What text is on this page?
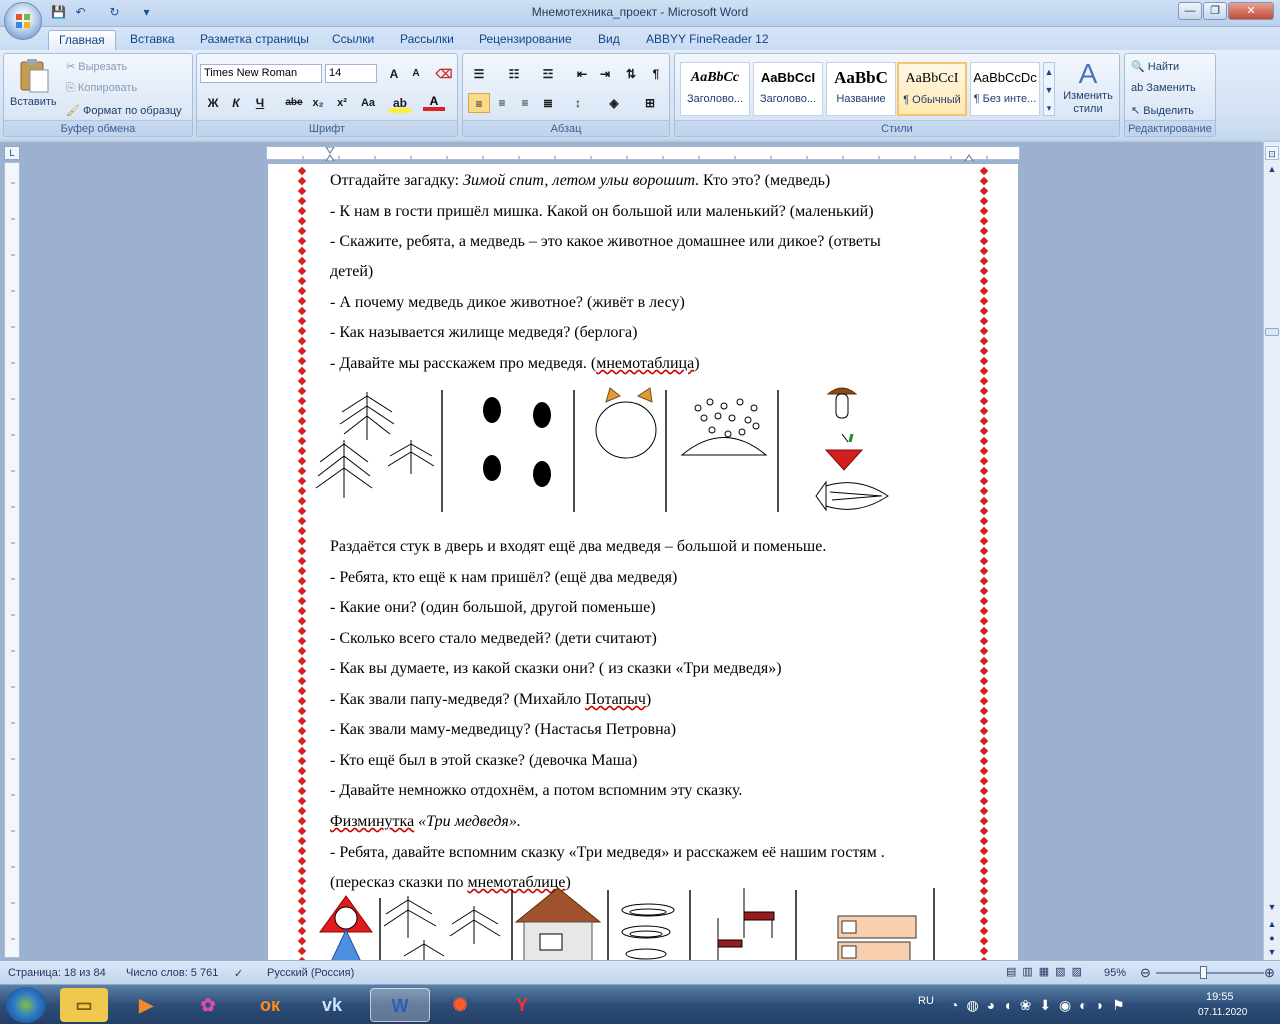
💾 ↶ ↻	▾	Мнемотехника_проект - Microsoft Word	—	❐	✕
Главная	Вставка	Разметка страницы	Ссылки	Рассылки	Рецензирование	Вид	ABBYY FineReader 12
Вставить
✂ Вырезать
⎘ Копировать
🖌 Формат по образцу
Буфер обмена
Times New Roman	14	A	A	⌫
Ж	К	Ч	abe x₂	x²	Aa	ab	A
Шрифт
☰	☷	☲	⇤	⇥	⇅	¶
≡	≡	≡	≣	↕	◈	⊞
Абзац
AaBbCc
Заголово...
AaBbCcI
Заголово...
AaBbC
Название
AaBbCcI
¶ Обычный
AaBbCcDc
¶ Без инте...
▲
▼
▾
A
Изменить стили
Стили
🔍 Найти
ab Заменить
↖ Выделить
Редактирование
L
Отгадайте загадку: Зимой спит, летом ульи ворошит. Кто это? (медведь)
- К нам в гости пришёл мишка. Какой он большой или маленький? (маленький)
- Скажите, ребята, а медведь – это какое животное домашнее или дикое? (ответы
детей)
- А почему медведь дикое животное? (живёт в лесу)
- Как называется жилище медведя? (берлога)
- Давайте мы расскажем про медведя. (мнемотаблица)
Раздаётся стук в дверь и входят ещё два медведя – большой и поменьше.
- Ребята, кто ещё к нам пришёл? (ещё два медведя)
- Какие они? (один большой, другой поменьше)
- Сколько всего стало медведей? (дети считают)
- Как вы думаете, из какой сказки они? ( из сказки «Три медведя»)
- Как звали папу-медведя? (Михайло Потапыч)
- Как звали маму-медведицу? (Настасья Петровна)
- Кто ещё был в этой сказке? (девочка Маша)
- Давайте немножко отдохнём, а потом вспомним эту сказку.
Физминутка «Три медведя».
- Ребята, давайте вспомним сказку «Три медведя» и расскажем её нашим гостям .
(пересказ сказки по мнемотаблице)
⊡
▲
▼
▲
●
▼
Страница: 18 из 84 Число слов: 5 761 ✓ Русский (Россия)	▤▥▦▧▨	95% ⊖	⊕
▭	▶	✿	ок	vk	W	✺	Y	RU ◔◍◕◖❀⬇◉◐◗⚑	19:55
07.11.2020
